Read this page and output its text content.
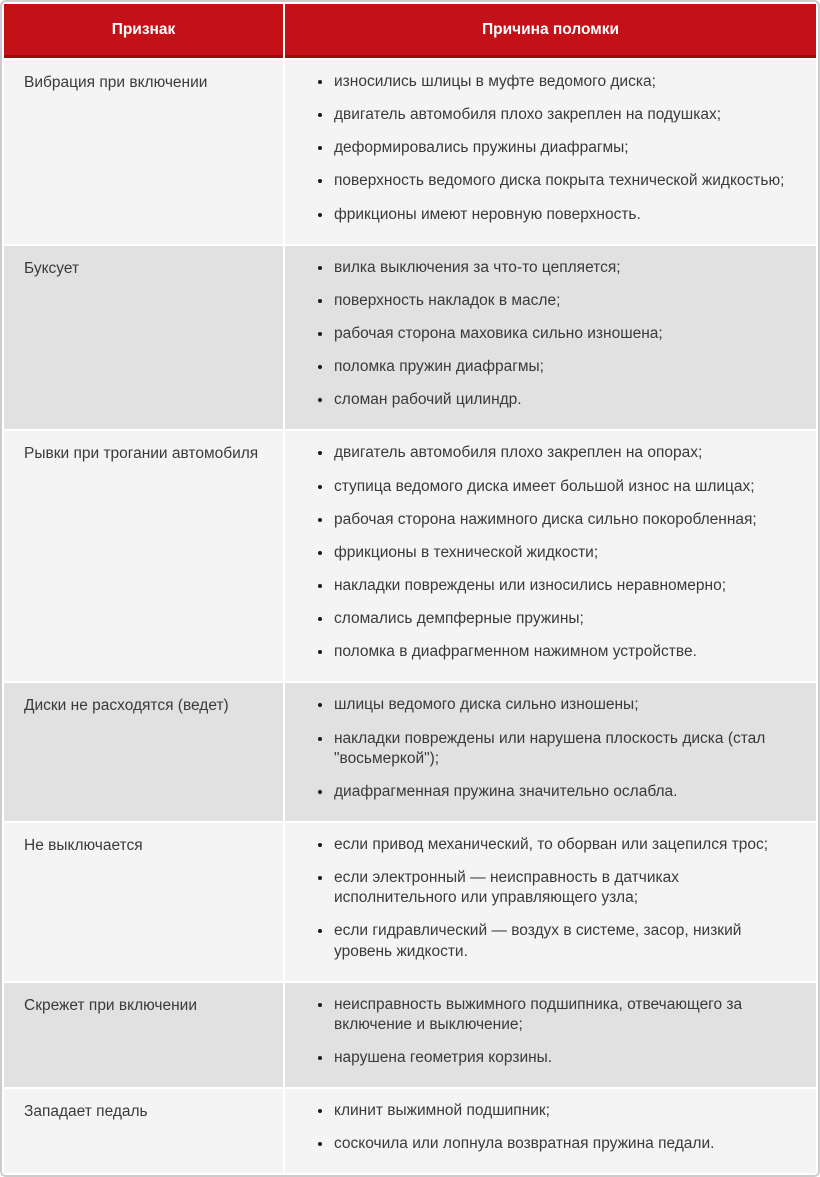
Признак	Причина поломки
Вибрация при включении	
•износились шлицы в муфте ведомого диска;
• двигатель автомобиля плохо закреплен на подушках;
• деформировались пружины диафрагмы;
• поверхность ведомого диска покрыта технической жидкостью;
• фрикционы имеют неровную поверхность.

Буксует	
•вилка выключения за что-то цепляется;
• поверхность накладок в масле;
• рабочая сторона маховика сильно изношена;
• поломка пружин диафрагмы;
• сломан рабочий цилиндр.

Рывки при трогании автомобиля	
•двигатель автомобиля плохо закреплен на опорах;
• ступица ведомого диска имеет большой износ на шлицах;
• рабочая сторона нажимного диска сильно покоробленная;
• фрикционы в технической жидкости;
• накладки повреждены или износились неравномерно;
• сломались демпферные пружины;
• поломка в диафрагменном нажимном устройстве.

Диски не расходятся (ведет)	
•шлицы ведомого диска сильно изношены;
• накладки повреждены или нарушена плоскость диска (стал "восьмеркой");
• диафрагменная пружина значительно ослабла.

Не выключается	
•если привод механический, то оборван или зацепился трос;
• если электронный — неисправность в датчиках исполнительного или управляющего узла;
• если гидравлический — воздух в системе, засор, низкий уровень жидкости.

Скрежет при включении	
•неисправность выжимного подшипника, отвечающего за включение и выключение;
• нарушена геометрия корзины.

Западает педаль	
•клинит выжимной подшипник;
• соскочила или лопнула возвратная пружина педали.
